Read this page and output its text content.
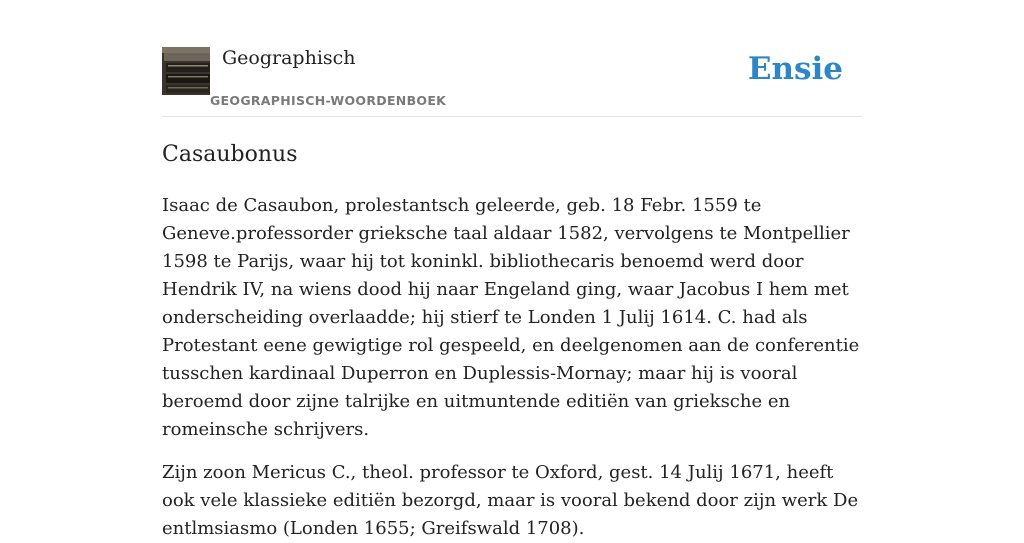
Geographisch
GEOGRAPHISCH-WOORDENBOEK
Ensie
Casaubonus

Isaac de Casaubon, prolestantsch geleerde, geb. 18 Febr. 1559 te Geneve.professorder grieksche taal aldaar 1582, vervolgens te Montpellier 1598 te Parijs, waar hij tot koninkl. bibliothecaris benoemd werd door Hendrik IV, na wiens dood hij naar Engeland ging, waar Jacobus I hem met onderscheiding overlaadde; hij stierf te Londen 1 Julij 1614. C. had als Protestant eene gewigtige rol gespeeld, en deelgenomen aan de conferentie tusschen kardinaal Duperron en Duplessis-Mornay; maar hij is vooral beroemd door zijne talrijke en uitmuntende editiën van grieksche en romeinsche schrijvers.

Zijn zoon Mericus C., theol. professor te Oxford, gest. 14 Julij 1671, heeft ook vele klassieke editiën bezorgd, maar is vooral bekend door zijn werk De entlmsiasmo (Londen 1655; Greifswald 1708).
